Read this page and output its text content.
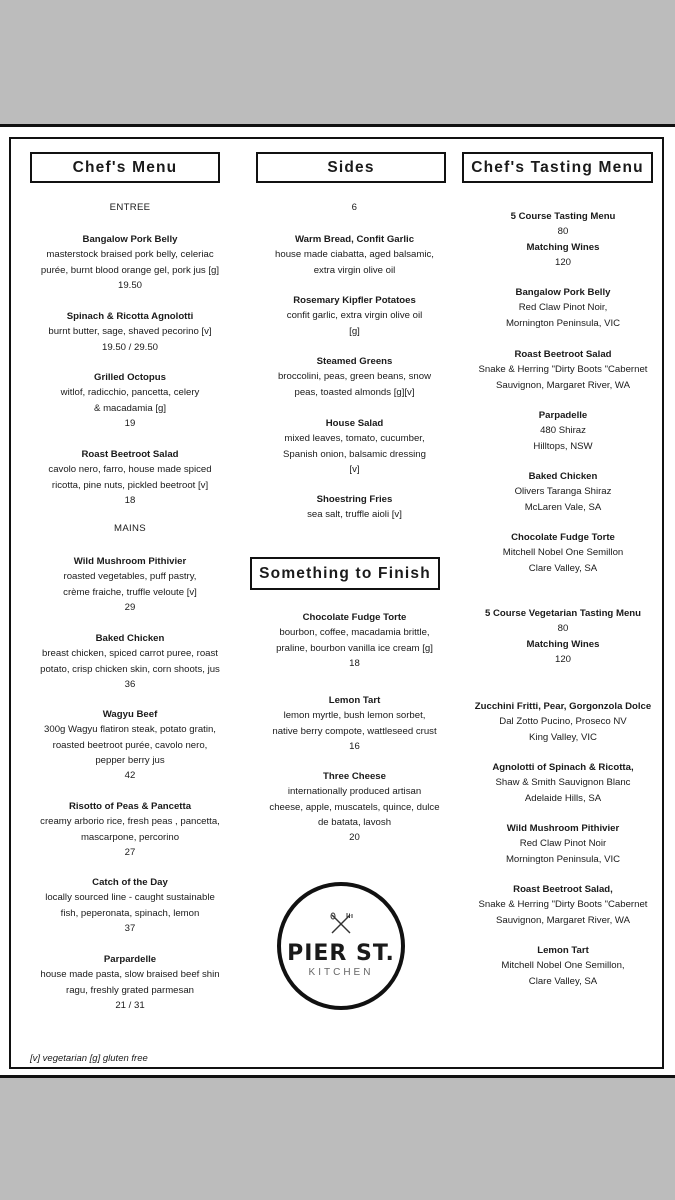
Chef's Menu	Sides	Chef's Tasting Menu
Something to Finish
ENTREE
Bangalow Pork Belly
masterstock braised pork belly, celeriac
purée, burnt blood orange gel, pork jus [g]
19.50
Spinach & Ricotta Agnolotti
burnt butter, sage, shaved pecorino [v]
19.50 / 29.50
Grilled Octopus
witlof, radicchio, pancetta, celery
& macadamia [g]
19
Roast Beetroot Salad
cavolo nero, farro, house made spiced
ricotta, pine nuts, pickled beetroot [v]
18
MAINS
Wild Mushroom Pithivier
roasted vegetables, puff pastry,
crème fraiche, truffle veloute [v]
29
Baked Chicken
breast chicken, spiced carrot puree, roast
potato, crisp chicken skin, corn shoots, jus
36
Wagyu Beef
300g Wagyu flatiron steak, potato gratin,
roasted beetroot purée, cavolo nero,
pepper berry jus
42
Risotto of Peas & Pancetta
creamy arborio rice, fresh peas , pancetta,
mascarpone, percorino
27
Catch of the Day
locally sourced line - caught sustainable
fish, peperonata, spinach, lemon
37
Parpardelle
house made pasta, slow braised beef shin
ragu, freshly grated parmesan
21 / 31
6
Warm Bread, Confit Garlic
house made ciabatta, aged balsamic,
extra virgin olive oil
Rosemary Kipfler Potatoes
confit garlic, extra virgin olive oil
[g]
Steamed Greens
broccolini, peas, green beans, snow
peas, toasted almonds [g][v]
House Salad
mixed leaves, tomato, cucumber,
Spanish onion, balsamic dressing
[v]
Shoestring Fries
sea salt, truffle aioli [v]
Chocolate Fudge Torte
bourbon, coffee, macadamia brittle,
praline, bourbon vanilla ice cream [g]
18
Lemon Tart
lemon myrtle, bush lemon sorbet,
native berry compote, wattleseed crust
16
Three Cheese
internationally produced artisan
cheese, apple, muscatels, quince, dulce
de batata, lavosh
20
5 Course Tasting Menu
80
Matching Wines
120
Bangalow Pork Belly
Red Claw Pinot Noir,
Mornington Peninsula, VIC
Roast Beetroot Salad
Snake & Herring "Dirty Boots "Cabernet
Sauvignon, Margaret River, WA
Parpadelle
480 Shiraz
Hilltops, NSW
Baked Chicken
Olivers Taranga Shiraz
McLaren Vale, SA
Chocolate Fudge Torte
Mitchell Nobel One Semillon
Clare Valley, SA
5 Course Vegetarian Tasting Menu
80
Matching Wines
120
Zucchini Fritti, Pear, Gorgonzola Dolce
Dal Zotto Pucino, Proseco NV
King Valley, VIC
Agnolotti of Spinach & Ricotta,
Shaw & Smith Sauvignon Blanc
Adelaide Hills, SA
Wild Mushroom Pithivier
Red Claw Pinot Noir
Mornington Peninsula, VIC
Roast Beetroot Salad,
Snake & Herring "Dirty Boots "Cabernet
Sauvignon, Margaret River, WA
Lemon Tart
Mitchell Nobel One Semillon,
Clare Valley, SA
PIER ST.
KITCHEN
[v] vegetarian [g] gluten free
